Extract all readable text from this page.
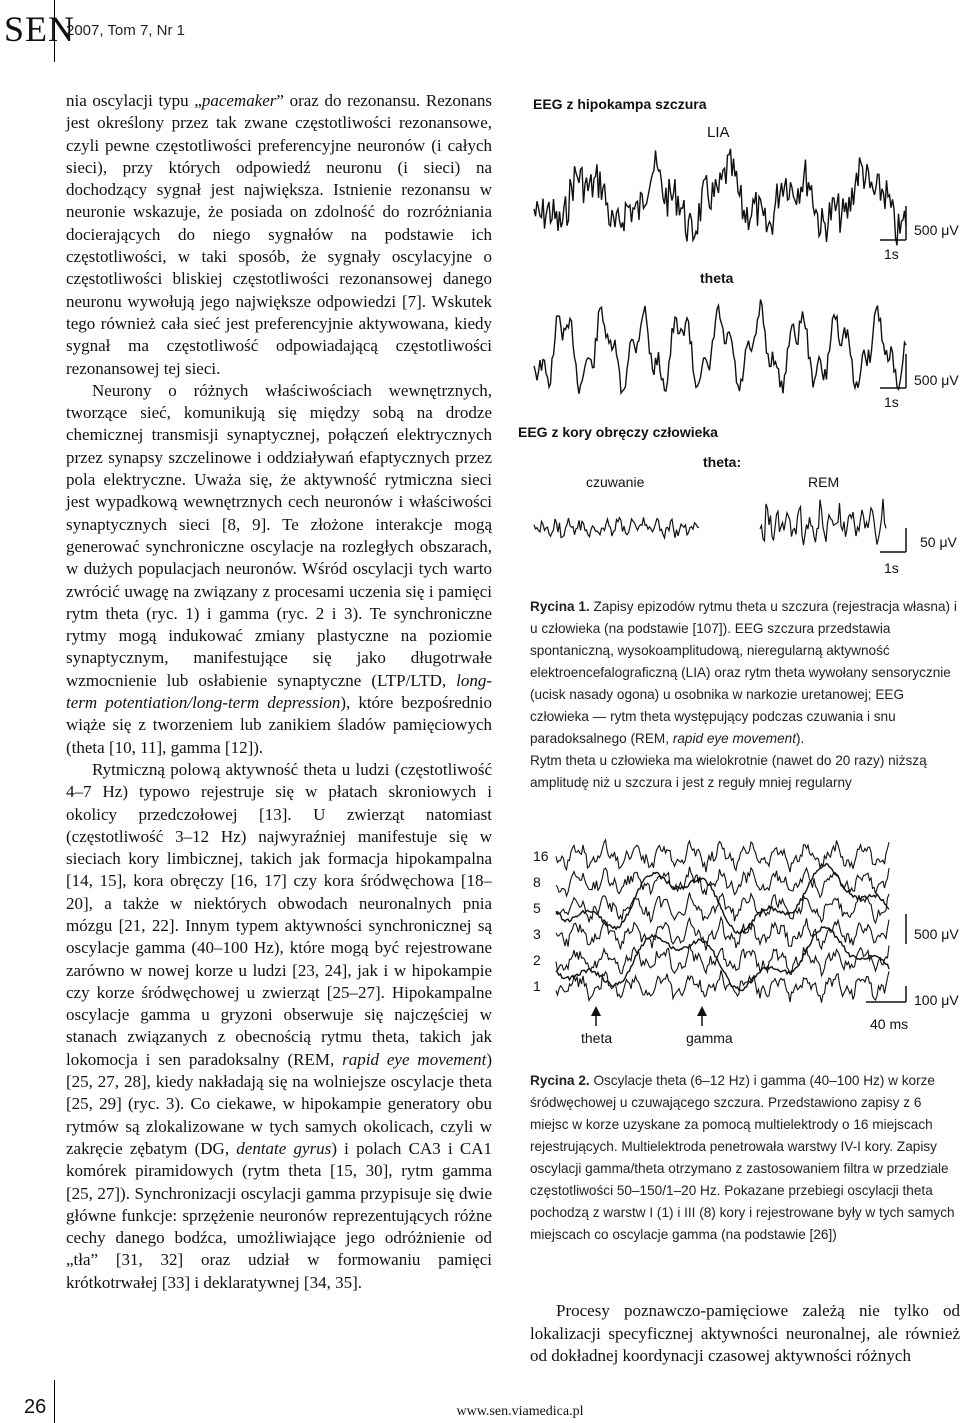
SEN
2007, Tom 7, Nr 1

nia oscylacji typu „pacemaker” oraz do rezonansu. Rezonans jest określony przez tak zwane częstotliwości rezonansowe, czyli pewne częstotliwości preferencyjne neuronów (i całych sieci), przy których odpowiedź neuronu (i sieci) na dochodzący sygnał jest największa. Istnienie rezonansu w neuronie wskazuje, że posiada on zdolność do rozróżniania docierających do niego sygnałów na podstawie ich częstotliwości, w taki sposób, że sygnały oscylacyjne o częstotliwości bliskiej częstotliwości rezonansowej danego neuronu wywołują jego największe odpowiedzi [7]. Wskutek tego również cała sieć jest preferencyjnie aktywowana, kiedy sygnał ma częstotliwość odpowiadającą częstotliwości rezonansowej tej sieci.

Neurony o różnych właściwościach wewnętrznych, tworzące sieć, komunikują się między sobą na drodze chemicznej transmisji synaptycznej, połączeń elektrycznych przez synapsy szczelinowe i oddziaływań efaptycznych przez pola elektryczne. Uważa się, że aktywność rytmiczna sieci jest wypadkową wewnętrznych cech neuronów i właściwości synaptycznych sieci [8, 9]. Te złożone interakcje mogą generować synchroniczne oscylacje na rozległych obszarach, w dużych populacjach neuronów. Wśród oscylacji tych warto zwrócić uwagę na związany z procesami uczenia się i pamięci rytm theta (ryc. 1) i gamma (ryc. 2 i 3). Te synchroniczne rytmy mogą indukować zmiany plastyczne na poziomie synaptycznym, manifestujące się jako długotrwałe wzmocnienie lub osłabienie synaptyczne (LTP/LTD, long-term potentiation/long-term depression), które bezpośrednio wiąże się z tworzeniem lub zanikiem śladów pamięciowych (theta [10, 11], gamma [12]).

Rytmiczną polową aktywność theta u ludzi (częstotliwość 4–7 Hz) typowo rejestruje się w płatach skroniowych i okolicy przedczołowej [13]. U zwierząt natomiast (częstotliwość 3–12 Hz) najwyraźniej manifestuje się w sieciach kory limbicznej, takich jak formacja hipokampalna [14, 15], kora obręczy [16, 17] czy kora śródwęchowa [18–20], a także w niektórych obwodach neuronalnych pnia mózgu [21, 22]. Innym typem aktywności synchronicznej są oscylacje gamma (40–100 Hz), które mogą być rejestrowane zarówno w nowej korze u ludzi [23, 24], jak i w hipokampie czy korze śródwęchowej u zwierząt [25–27]. Hipokampalne oscylacje gamma u gryzoni obserwuje się najczęściej w stanach związanych z obecnością rytmu theta, takich jak lokomocja i sen paradoksalny (REM, rapid eye movement) [25, 27, 28], kiedy nakładają się na wolniejsze oscylacje theta [25, 29] (ryc. 3). Co ciekawe, w hipokampie generatory obu rytmów są zlokalizowane w tych samych okolicach, czyli w zakręcie zębatym (DG, dentate gyrus) i polach CA3 i CA1 komórek piramidowych (rytm theta [15, 30], rytm gamma [25, 27]). Synchronizacji oscylacji gamma przypisuje się dwie główne funkcje: sprzężenie neuronów reprezentujących różne cechy danego bodźca, umożliwiające jego odróżnienie od „tła” [31, 32] oraz udział w formowaniu pamięci krótkotrwałej [33] i deklaratywnej [34, 35].

EEG z hipokampa szczura
LIA
theta
1s
500 μV
1s
500 μV
EEG z kory obręczy człowieka
theta:
czuwanie	REM
1s
50 μV
Rycina 1. Zapisy epizodów rytmu theta u szczura (rejestracja własna) i u człowieka (na podstawie [107]). EEG szczura przedstawia spontaniczną, wysokoamplitudową, nieregularną aktywność elektroencefalograficzną (LIA) oraz rytm theta wywołany sensorycznie (ucisk nasady ogona) u osobnika w narkozie uretanowej; EEG człowieka — rytm theta występujący podczas czuwania i snu paradoksalnego (REM, rapid eye movement).
Rytm theta u człowieka ma wielokrotnie (nawet do 20 razy) niższą amplitudę niż u szczura i jest z reguły mniej regularny
16
8
5
3
2
1
500 μV
100 μV
40 ms
theta	gamma
Rycina 2. Oscylacje theta (6–12 Hz) i gamma (40–100 Hz) w korze śródwęchowej u czuwającego szczura. Przedstawiono zapisy z 6 miejsc w korze uzyskane za pomocą multielektrody o 16 miejscach rejestrujących. Multielektroda penetrowała warstwy IV-I kory. Zapisy oscylacji gamma/theta otrzymano z zastosowaniem filtra w przedziale częstotliwości 50–150/1–20 Hz. Pokazane przebiegi oscylacji theta pochodzą z warstw I (1) i III (8) kory i rejestrowane były w tych samych miejscach co oscylacje gamma (na podstawie [26])

Procesy poznawczo-pamięciowe zależą nie tylko od lokalizacji specyficznej aktywności neuronalnej, ale również od dokładnej koordynacji czasowej aktywności różnych

26	www.sen.viamedica.pl
